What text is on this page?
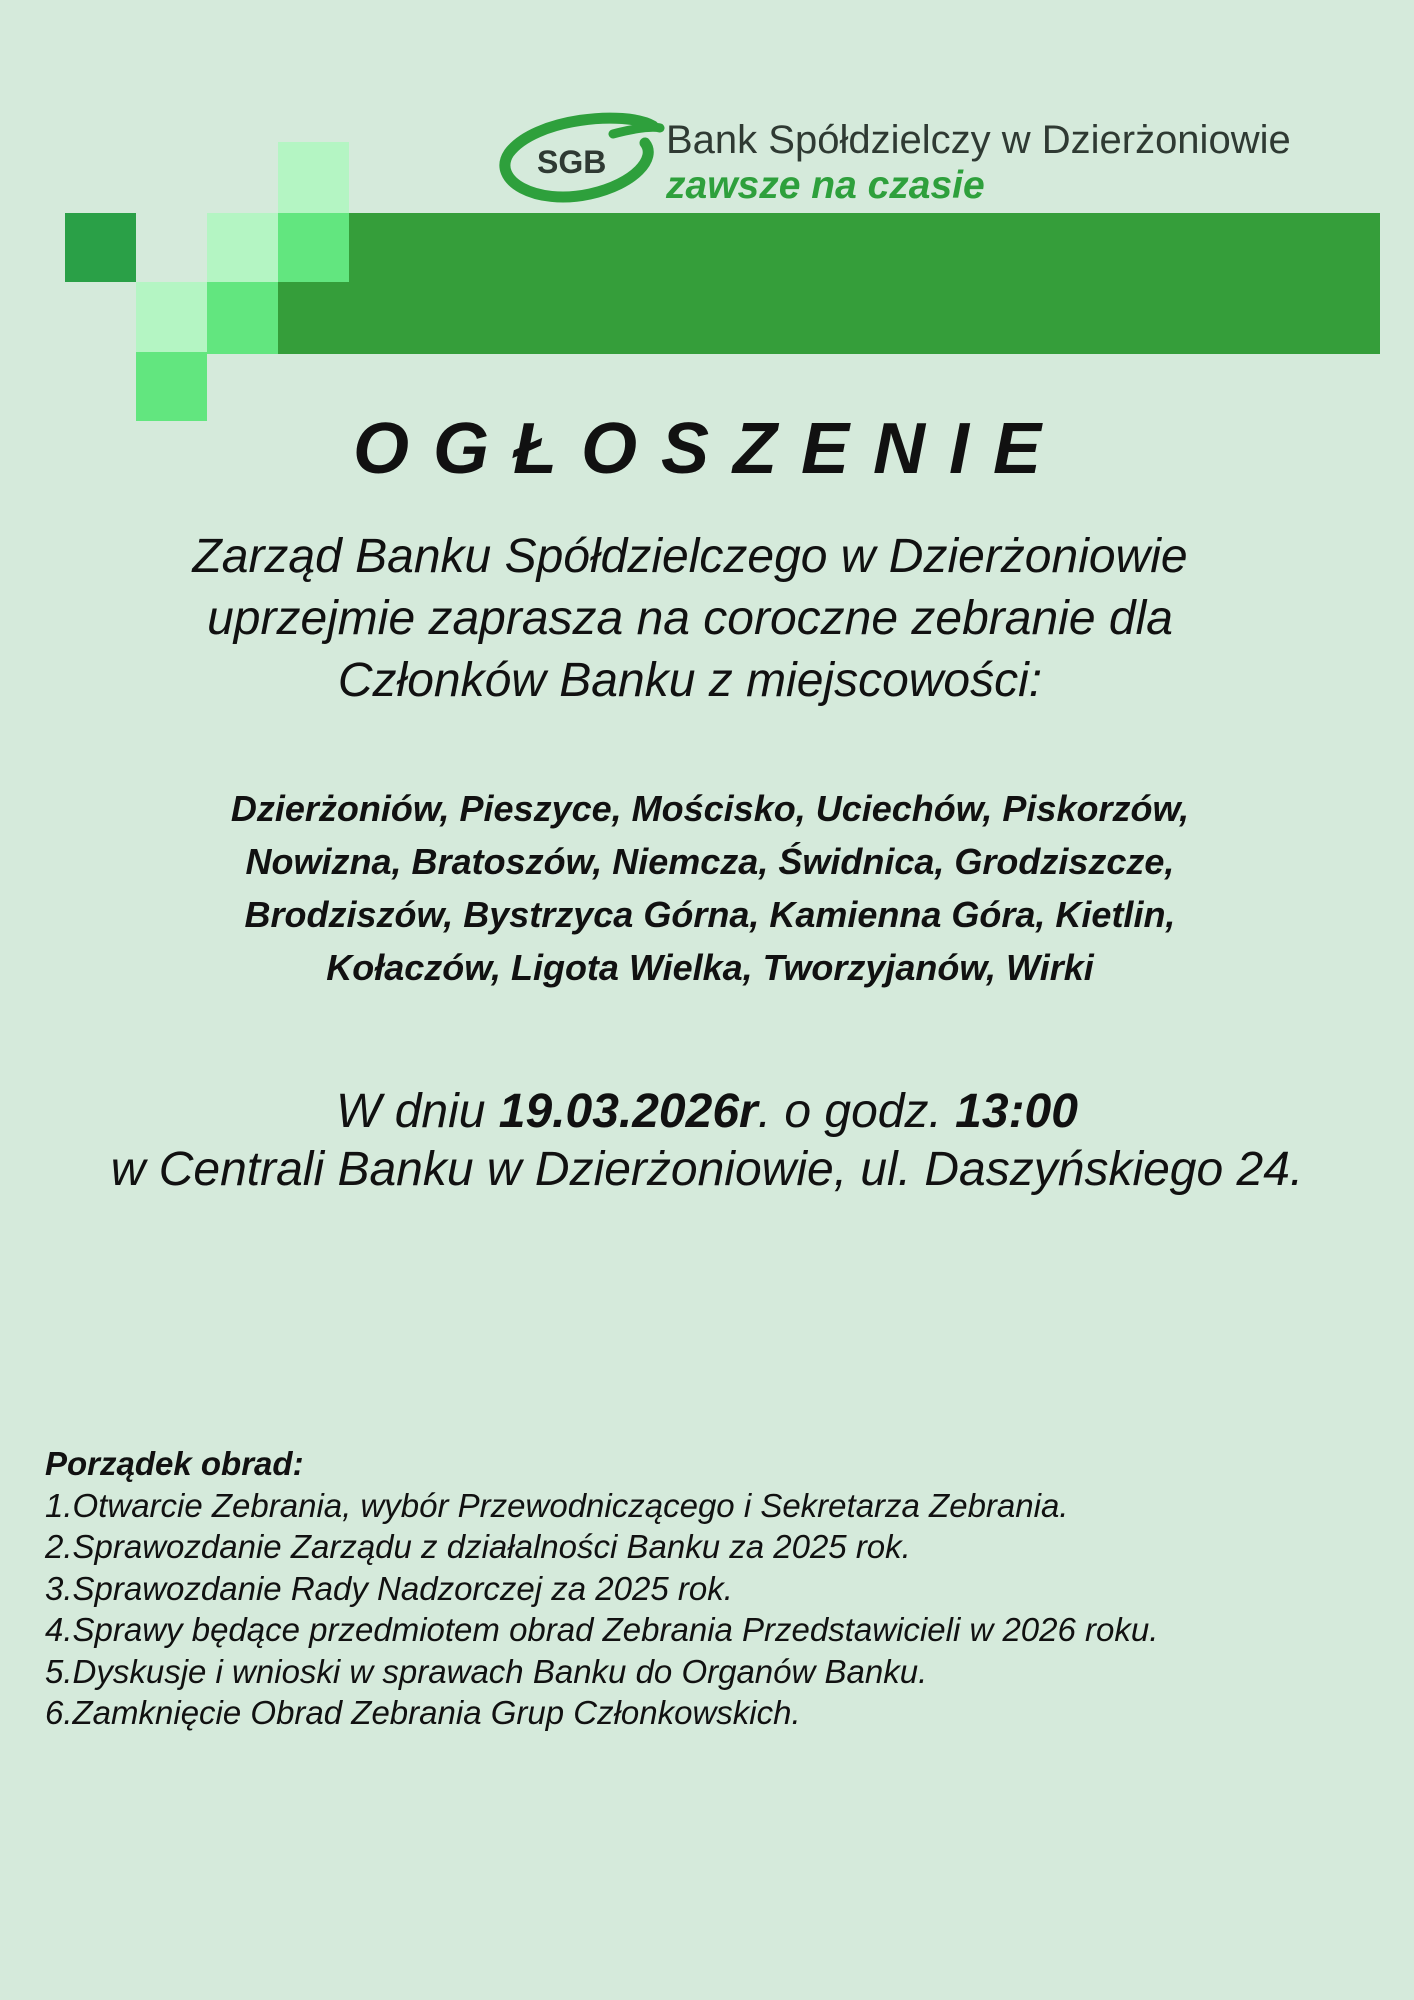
SGB Bank Spółdzielczy w Dzierżoniowie
zawsze na czasie
OGŁOSZENIE
Zarząd Banku Spółdzielczego w Dzierżoniowie
uprzejmie zaprasza na coroczne zebranie dla
Członków Banku z miejscowości:
Dzierżoniów, Pieszyce, Mościsko, Uciechów, Piskorzów,
Nowizna, Bratoszów, Niemcza, Świdnica, Grodziszcze,
Brodziszów, Bystrzyca Górna, Kamienna Góra, Kietlin,
Kołaczów, Ligota Wielka, Tworzyjanów, Wirki
W dniu 19.03.2026r. o godz. 13:00
w Centrali Banku w Dzierżoniowie, ul. Daszyńskiego 24.
Porządek obrad:
1.Otwarcie Zebrania, wybór Przewodniczącego i Sekretarza Zebrania.
2.Sprawozdanie Zarządu z działalności Banku za 2025 rok.
3.Sprawozdanie Rady Nadzorczej za 2025 rok.
4.Sprawy będące przedmiotem obrad Zebrania Przedstawicieli w 2026 roku.
5.Dyskusje i wnioski w sprawach Banku do Organów Banku.
6.Zamknięcie Obrad Zebrania Grup Członkowskich.
